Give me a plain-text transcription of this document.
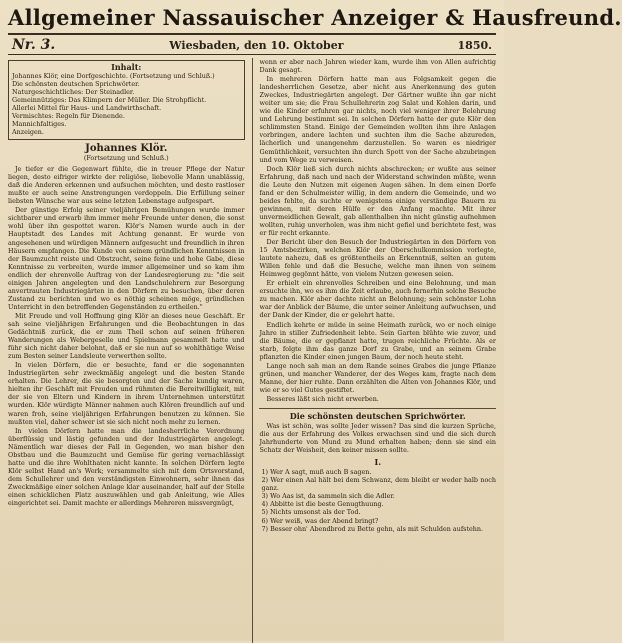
Allgemeiner Nassauischer Anzeiger & Hausfreund.
Nr. 3.	Wiesbaden, den 10. Oktober	1850.
Inhalt:
Johannes Klör, eine Dorfgeschichte. (Fortsetzung und Schluß.)
Die schönsten deutschen Sprichwörter.
Naturgeschichtliches: Der Steinadler.
Gemeinnütziges: Das Klimpern der Müller. Die Strohpflicht.
Allerlei Mittel für Haus- und Landwirthschaft.
Vermischtes: Regeln für Dienende.
Mannichfaltiges.
Anzeigen.
Johannes Klör.
(Fortsetzung und Schluß.)

Je tiefer er die Gegenwart fühlte, die in treuer Pflege der Natur liegen, desto eifriger wirkte der religiöse, liebevolle Mann unablässig, daß die Anderen erkennen und aufsuchen möchten, und desto rastloser mußte er auch seine Anstrengungen verdoppeln. Die Erfüllung seiner liebsten Wünsche war aus seine letzten Lebenstage aufgespart.

Der günstige Erfolg seiner vieljährigen Bemühungen wurde immer sichtbarer und erwarb ihm immer mehr Freunde unter denen, die sonst wohl über ihn gespottet waren. Klör's Namen wurde auch in der Hauptstadt des Landes mit Achtung genannt. Er wurde von angesehenen und würdigen Männern aufgesucht und freundlich in ihren Häusern empfangen. Die Kunde von seinem gründlichen Kenntnissen in der Baumzucht reiste und Obstzucht, seine feine und hohe Gabe, diese Kenntnisse zu verbreiten, wurde immer allgemeiner und so kam ihm endlich der ehrenvolle Auftrag von der Landesregierung zu: "die seit einigen Jahren angelegten und den Landschulehrern zur Besorgung anvertrauten Industriegärten in den Dörfern zu besuchen, über deren Zustand zu berichten und wo es nöthig scheinen möge, gründlichen Unterricht in den betreffenden Gegenständen zu ertheilen."

Mit Freude und voll Hoffnung ging Klör an dieses neue Geschäft. Er sah seine vieljährigen Erfahrungen und die Beobachtungen in das Gedächtniß zurück, die er zum Theil schon auf seinen früheren Wanderungen als Webergeselle und Spielmann gesammelt hatte und führ sich nicht daher belohnt, daß er sie nun auf so wohlthätige Weise zum Besten seiner Landsleute verwerthen sollte.

In vielen Dörfern, die er besuchte, fand er die sogenannten Industriegärten sehr zweckmäßig angelegt und die besten Stande erhalten. Die Lehrer, die sie besorgten und der Sache kundig waren, hielten ihr Geschäft mit Freuden und rühmten die Bereitwilligkeit, mit der sie von Eltern und Kindern in ihrem Unternehmen unterstützt wurden. Klör würdigte Männer nahmen auch Klören freundlich auf und waren froh, seine vieljährigen Erfahrungen benutzen zu können. Sie mußten viel, daher schwer ist sie sich nicht noch mehr zu lernen.

In vielen Dörfern hatte man die landesherrliche Verordnung überflüssig und lästig gefunden und der Industriegärten angelegt. Nämentlich war dieses der Fall in Gegenden, wo man bisher den Obstbau und die Baumzucht und Gemüse für gering vernachlässigt hatte und die ihre Wohlthaten nicht kannte. In solchen Dörfern legte Klör selbst Hand an's Werk; versammelte sich mit dem Ortsvorstand, dem Schullehrer und den verständigsten Einwohnern, sehr ihnen das Zweckmäßige einer solchen Anlage klar auseinander, half auf der Stelle einen schicklichen Platz auszuwählen und gab Anleitung, wie Alles eingerichtet sei. Damit machte er allerdings Mehreren missvergnügt,

wenn er aber nach Jahren wieder kam, wurde ihm von Allen aufrichtig Dank gesagt.

In mehreren Dörfern hatte man aus Folgsamkeit gegen die landesherrlichen Gesetze, aber nicht aus Anerkennung des guten Zweckes, Industriegärten angelegt. Der Gärtner wußte ihn gar nicht weiter um sie; die Frau Schullehrerin zog Salat und Kohlen darin, und wie die Kinder erfuhren gar nichts, noch viel weniger ihrer Belehrung und Lehrung bestimmt sei. In solchen Dörfern hatte der gute Klör den schlimmsten Stand. Einige der Gemeinden wollten ihm ihre Anlagen vorbringen, andere lachten und suchten ihm die Sache abzureden, lächerlich und unangenehm darzustellen. So waren es niedriger Gemüthlichkeit, versuchten ihn durch Spott von der Sache abzubringen und vom Wege zu verweisen.

Doch Klör ließ sich durch nichts abschrecken; er wußte aus seiner Erfahrung, daß nach und nach der Widerstand schwinden müßte, wenn die Leute den Nutzen mit eigenen Augen sähen. In dem einen Dorfe fand er den Schulmeister willig, in dem andern die Gemeinde, und wo beides fehlte, da suchte er wenigstens einige verständige Bauern zu gewinnen, mit deren Hülfe er den Anfang machte. Mit ihrer unvermeidlichen Gewalt, gab allenthalben ihn nicht günstig aufnehmen wollten, ruhig unverholen, was ihm nicht gefiel und berichtete fest, was er für recht erkannte.

Der Bericht über den Besuch der Industriegärten in den Dörfern von 15 Amtsbezirken, welchen Klör der Oberschulkommission vorlegte, lautete nahezu, daß es größtentheils an Erkenntniß, selten an gutem Willen fehle und daß die Besuche, welche man ihnen von seinem Heimweg gegönnt hätte, von vielem Nutzen gewesen seien.

Er erhielt ein ehrenvolles Schreiben und eine Belohnung, und man ersuchte ihn, wo es ihm die Zeit erlaube, auch fernerhin solche Besuche zu machen. Klör aber dachte nicht an Belohnung; sein schönster Lohn war der Anblick der Bäume, die unter seiner Anleitung aufwuchsen, und der Dank der Kinder, die er gelehrt hatte.

Endlich kehrte er müde in seine Heimath zurück, wo er noch einige Jahre in stiller Zufriedenheit lebte. Sein Garten blühte wie zuvor, und die Bäume, die er gepflanzt hatte, trugen reichliche Früchte. Als er starb, folgte ihm das ganze Dorf zu Grabe, und an seinem Grabe pflanzten die Kinder einen jungen Baum, der noch heute steht.

Lange noch sah man an dem Rande seines Grabes die junge Pflanze grünen, und mancher Wanderer, der des Weges kam, fragte nach dem Manne, der hier ruhte. Dann erzählten die Alten von Johannes Klör, und wie er so viel Gutes gestiftet.

Besseres läßt sich nicht erwerben.

Die schönsten deutschen Sprichwörter.

Was ist schön, was sollte Jeder wissen? Das sind die kurzen Sprüche, die aus der Erfahrung des Volkes erwachsen sind und die sich durch Jahrhunderte von Mund zu Mund erhalten haben; denn sie sind ein Schatz der Weisheit, den keiner missen sollte.

I.
1) Wer A sagt, muß auch B sagen.
2) Wer einen Aal hält bei dem Schwanz, dem bleibt er weder halb noch ganz.
3) Wo Aas ist, da sammeln sich die Adler.
4) Abbitte ist die beste Genugthuung.
5) Nichts umsonst als der Tod.
6) Wer weiß, was der Abend bringt?
7) Besser ohn' Abendbrod zu Bette gehn, als mit Schulden aufstehn.
